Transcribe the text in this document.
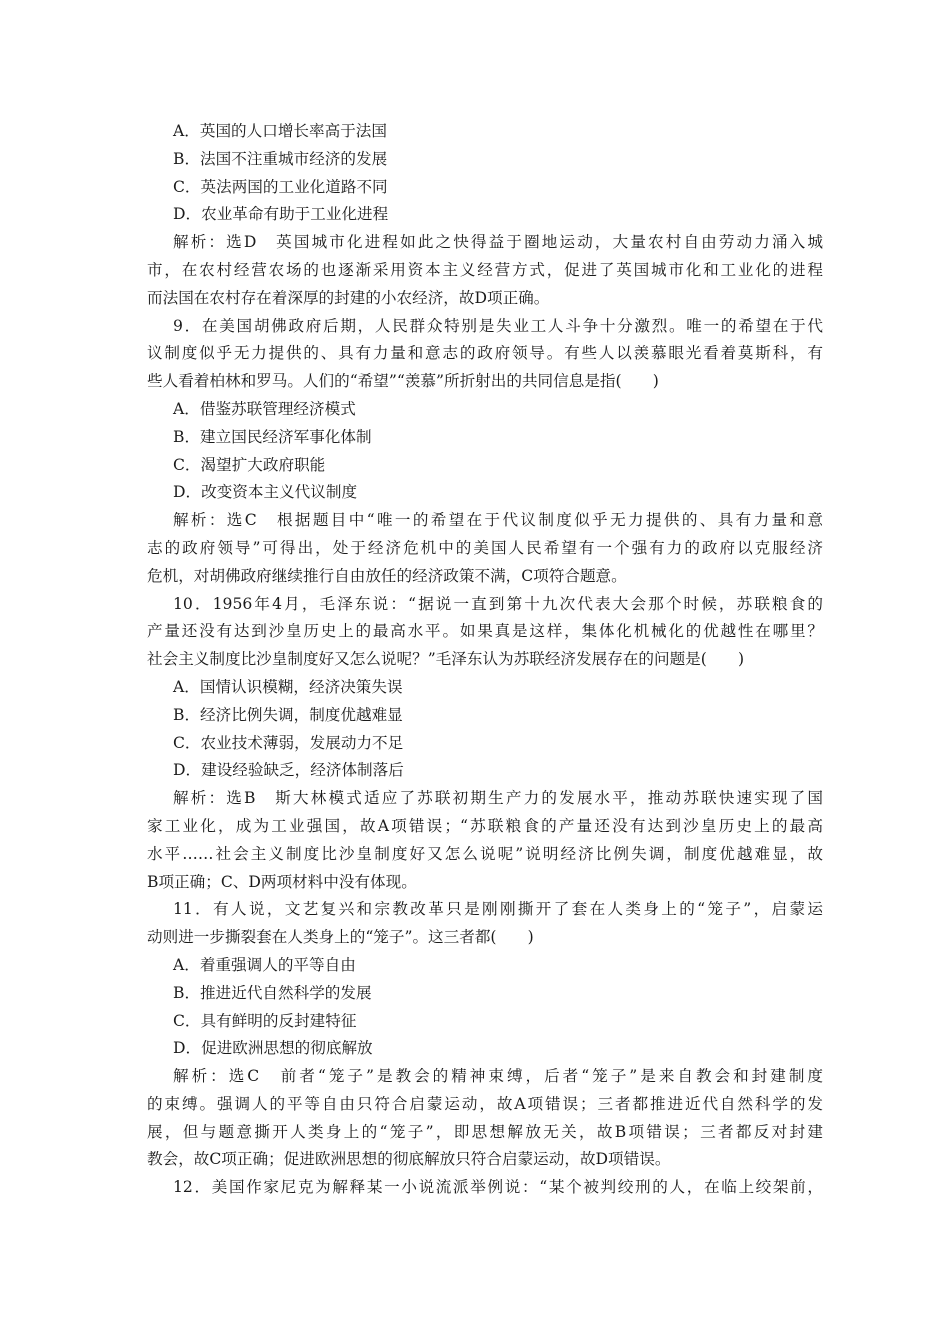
A．英国的人口增长率高于法国
B．法国不注重城市经济的发展
C．英法两国的工业化道路不同
D．农业革命有助于工业化进程
解析：选D　英国城市化进程如此之快得益于圈地运动，大量农村自由劳动力涌入城
市，在农村经营农场的也逐渐采用资本主义经营方式，促进了英国城市化和工业化的进程
而法国在农村存在着深厚的封建的小农经济，故D项正确。
9．在美国胡佛政府后期，人民群众特别是失业工人斗争十分激烈。唯一的希望在于代
议制度似乎无力提供的、具有力量和意志的政府领导。有些人以羡慕眼光看着莫斯科，有
些人看着柏林和罗马。人们的“希望”“羡慕”所折射出的共同信息是指(　　)
A．借鉴苏联管理经济模式
B．建立国民经济军事化体制
C．渴望扩大政府职能
D．改变资本主义代议制度
解析：选C　根据题目中“唯一的希望在于代议制度似乎无力提供的、具有力量和意
志的政府领导”可得出，处于经济危机中的美国人民希望有一个强有力的政府以克服经济
危机，对胡佛政府继续推行自由放任的经济政策不满，C项符合题意。
10．1956年4月，毛泽东说：“据说一直到第十九次代表大会那个时候，苏联粮食的
产量还没有达到沙皇历史上的最高水平。如果真是这样，集体化机械化的优越性在哪里？
社会主义制度比沙皇制度好又怎么说呢？”毛泽东认为苏联经济发展存在的问题是(　　)
A．国情认识模糊，经济决策失误
B．经济比例失调，制度优越难显
C．农业技术薄弱，发展动力不足
D．建设经验缺乏，经济体制落后
解析：选B　斯大林模式适应了苏联初期生产力的发展水平，推动苏联快速实现了国
家工业化，成为工业强国，故A项错误；“苏联粮食的产量还没有达到沙皇历史上的最高
水平……社会主义制度比沙皇制度好又怎么说呢”说明经济比例失调，制度优越难显，故
B项正确；C、D两项材料中没有体现。
11．有人说，文艺复兴和宗教改革只是刚刚撕开了套在人类身上的“笼子”，启蒙运
动则进一步撕裂套在人类身上的“笼子”。这三者都(　　)
A．着重强调人的平等自由
B．推进近代自然科学的发展
C．具有鲜明的反封建特征
D．促进欧洲思想的彻底解放
解析：选C　前者“笼子”是教会的精神束缚，后者“笼子”是来自教会和封建制度
的束缚。强调人的平等自由只符合启蒙运动，故A项错误；三者都推进近代自然科学的发
展，但与题意撕开人类身上的“笼子”，即思想解放无关，故B项错误；三者都反对封建
教会，故C项正确；促进欧洲思想的彻底解放只符合启蒙运动，故D项错误。
12．美国作家尼克为解释某一小说流派举例说：“某个被判绞刑的人，在临上绞架前，
